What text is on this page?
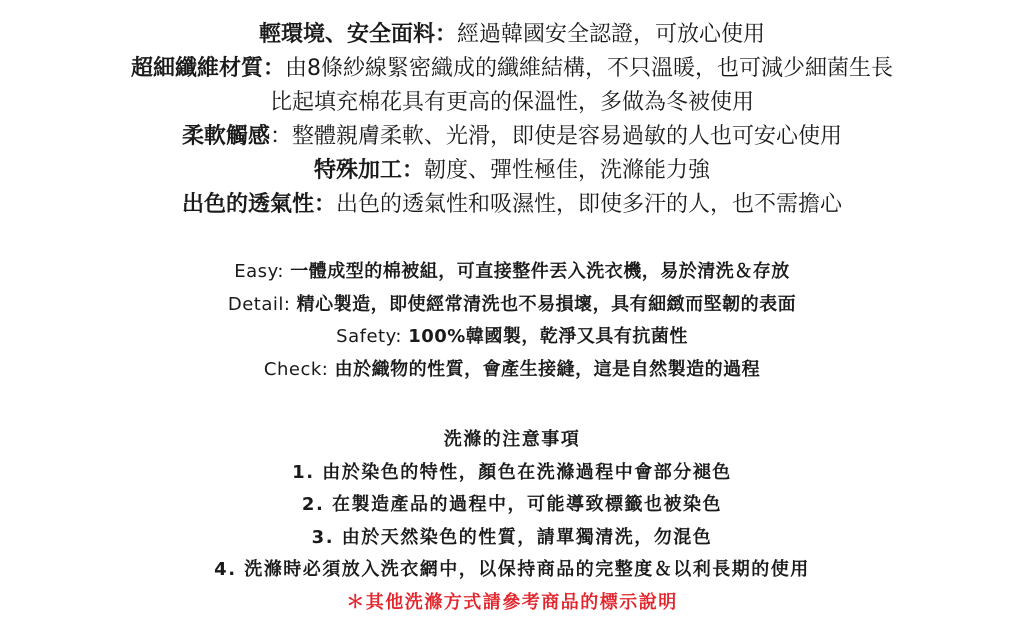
輕環境、安全面料：經過韓國安全認證，可放心使用
超細纖維材質：由8條紗線緊密織成的纖維結構，不只溫暖，也可減少細菌生長
比起填充棉花具有更高的保溫性，多做為冬被使用
柔軟觸感：整體親膚柔軟、光滑，即使是容易過敏的人也可安心使用
特殊加工：韌度、彈性極佳，洗滌能力強
出色的透氣性：出色的透氣性和吸濕性，即使多汗的人，也不需擔心
Easy: 一體成型的棉被組，可直接整件丟入洗衣機，易於清洗＆存放
Detail: 精心製造，即使經常清洗也不易損壞，具有細緻而堅韌的表面
Safety: 100%韓國製，乾淨又具有抗菌性
Check: 由於織物的性質，會產生接縫，這是自然製造的過程
洗滌的注意事項
1. 由於染色的特性，顏色在洗滌過程中會部分褪色
2. 在製造產品的過程中，可能導致標籤也被染色
3. 由於天然染色的性質，請單獨清洗，勿混色
4. 洗滌時必須放入洗衣網中，以保持商品的完整度＆以利長期的使用
＊其他洗滌方式請參考商品的標示說明
